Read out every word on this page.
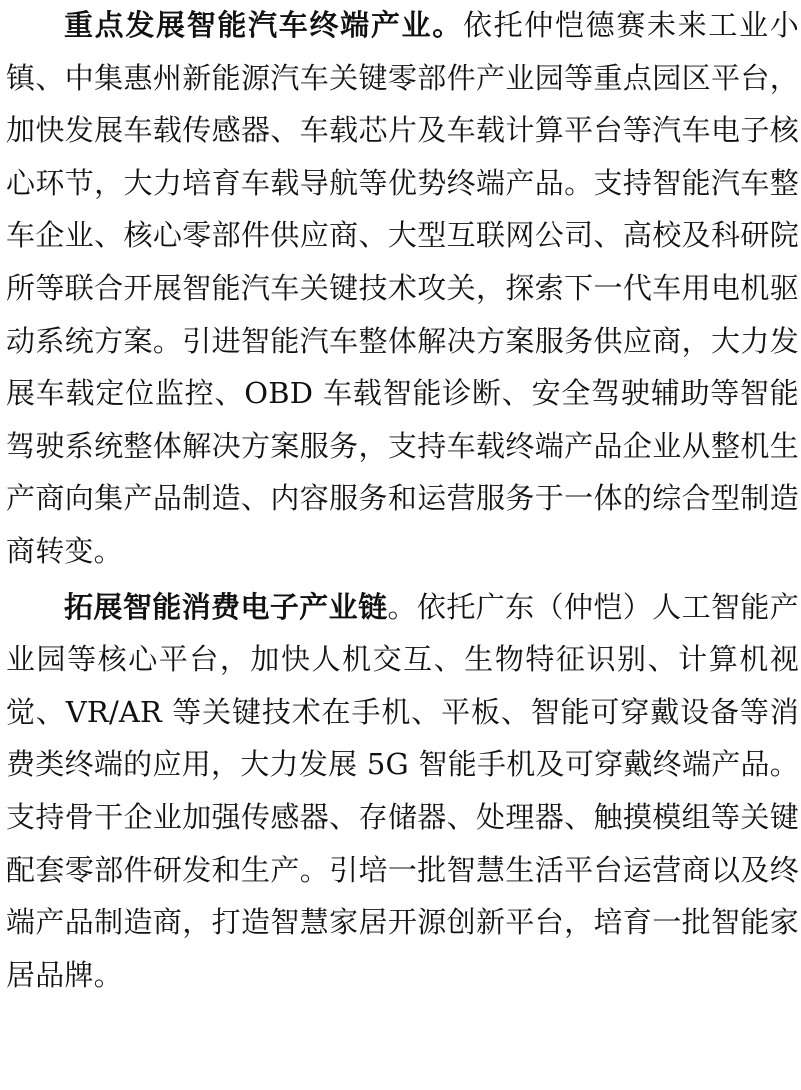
重点发展智能汽车终端产业。依托仲恺德赛未来工业小镇、中集惠州新能源汽车关键零部件产业园等重点园区平台，加快发展车载传感器、车载芯片及车载计算平台等汽车电子核心环节，大力培育车载导航等优势终端产品。支持智能汽车整车企业、核心零部件供应商、大型互联网公司、高校及科研院所等联合开展智能汽车关键技术攻关，探索下一代车用电机驱动系统方案。引进智能汽车整体解决方案服务供应商，大力发展车载定位监控、OBD 车载智能诊断、安全驾驶辅助等智能驾驶系统整体解决方案服务，支持车载终端产品企业从整机生产商向集产品制造、内容服务和运营服务于一体的综合型制造商转变。

拓展智能消费电子产业链。依托广东（仲恺）人工智能产业园等核心平台，加快人机交互、生物特征识别、计算机视觉、VR/AR 等关键技术在手机、平板、智能可穿戴设备等消费类终端的应用，大力发展 5G 智能手机及可穿戴终端产品。支持骨干企业加强传感器、存储器、处理器、触摸模组等关键配套零部件研发和生产。引培一批智慧生活平台运营商以及终端产品制造商，打造智慧家居开源创新平台，培育一批智能家居品牌。
